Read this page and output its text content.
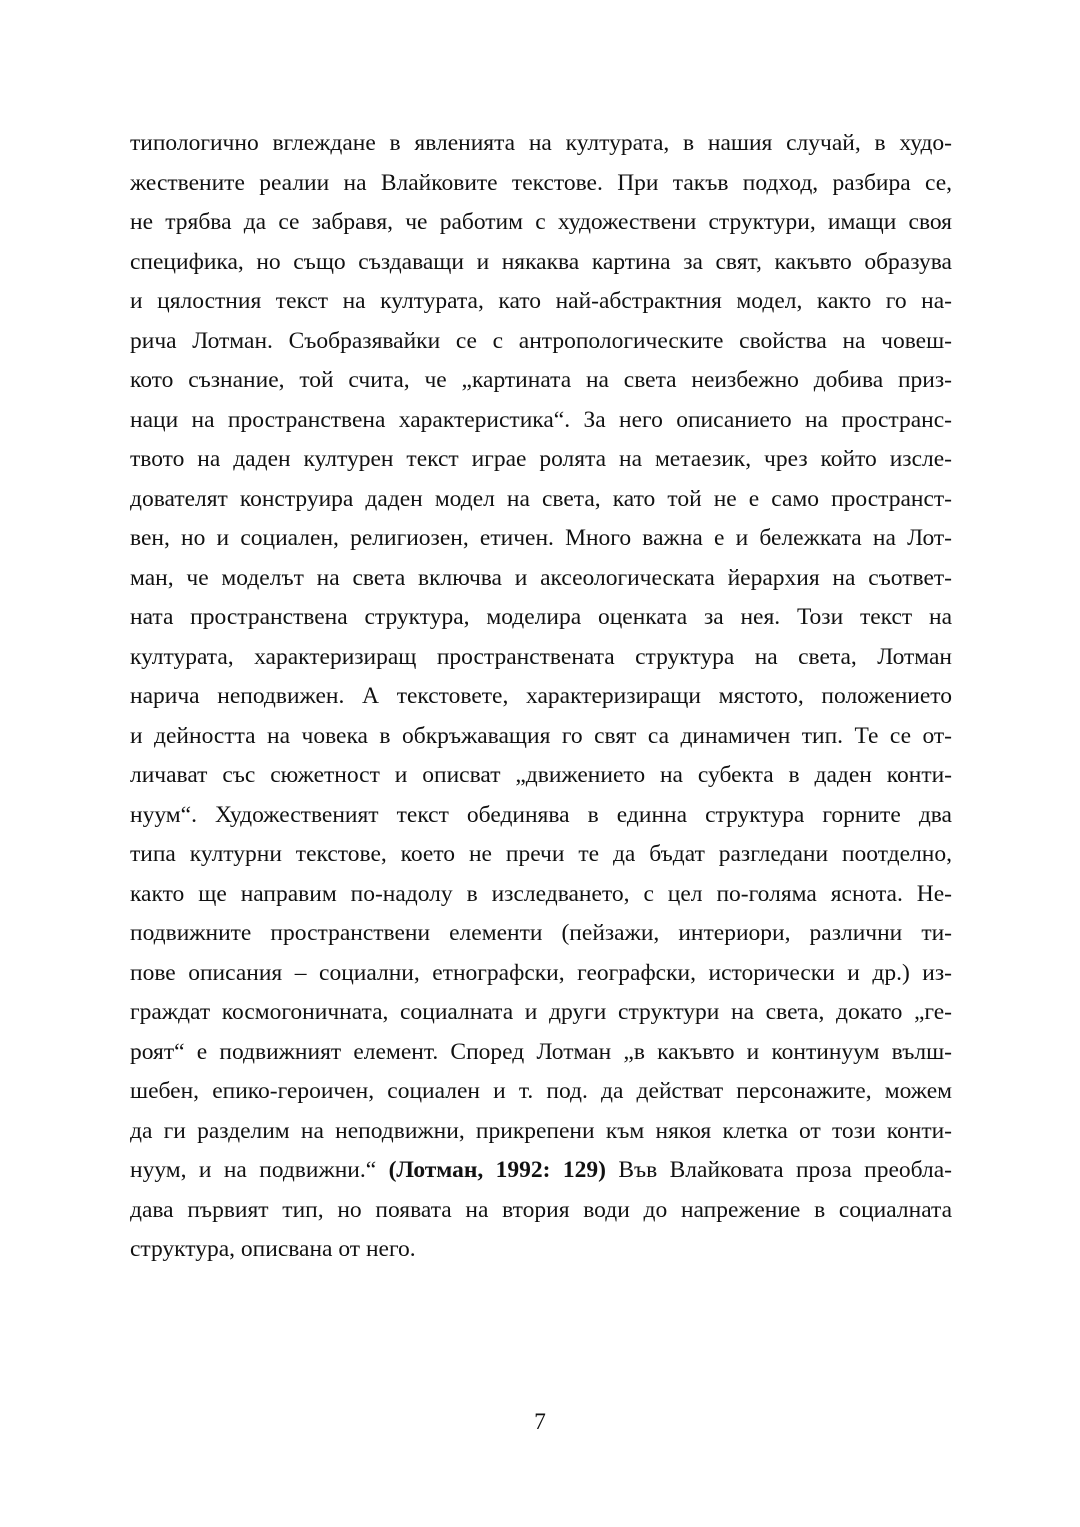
типологично вглеждане в явленията на културата, в нашия случай, в худо-
жествените реалии на Влайковите текстове. При такъв подход, разбира се,
не трябва да се забравя, че работим с художествени структури, имащи своя
специфика, но също създаващи и някаква картина за свят, какъвто образува
и цялостния текст на културата, като най-абстрактния модел, както го на-
рича Лотман. Съобразявайки се с антропологическите свойства на човеш-
кото съзнание, той счита, че „картината на света неизбежно добива приз-
наци на пространствена характеристика“. За него описанието на пространс-
твото на даден културен текст играе ролята на метаезик, чрез който изсле-
дователят конструира даден модел на света, като той не е само пространст-
вен, но и социален, религиозен, етичен. Много важна е и бележката на Лот-
ман, че моделът на света включва и аксеологическата йерархия на съответ-
ната пространствена структура, моделира оценката за нея. Този текст на
културата, характеризиращ пространствената структура на света, Лотман
нарича неподвижен. А текстовете, характеризиращи мястото, положението
и дейността на човека в обкръжаващия го свят са динамичен тип. Те се от-
личават със сюжетност и описват „движението на субекта в даден конти-
нуум“. Художественият текст обединява в единна структура горните два
типа културни текстове, което не пречи те да бъдат разгледани поотделно,
както ще направим по-надолу в изследването, с цел по-голяма яснота. Не-
подвижните пространствени елементи (пейзажи, интериори, различни ти-
пове описания – социални, етнографски, географски, исторически и др.) из-
граждат космогоничната, социалната и други структури на света, докато „ге-
роят“ е подвижният елемент. Според Лотман „в какъвто и континуум вълш-
шебен, епико-героичен, социален и т. под. да действат персонажите, можем
да ги разделим на неподвижни, прикрепени към някоя клетка от този конти-
нуум, и на подвижни.“ (Лотман, 1992: 129) Във Влайковата проза преобла-
дава първият тип, но появата на втория води до напрежение в социалната
структура, описвана от него.
7
